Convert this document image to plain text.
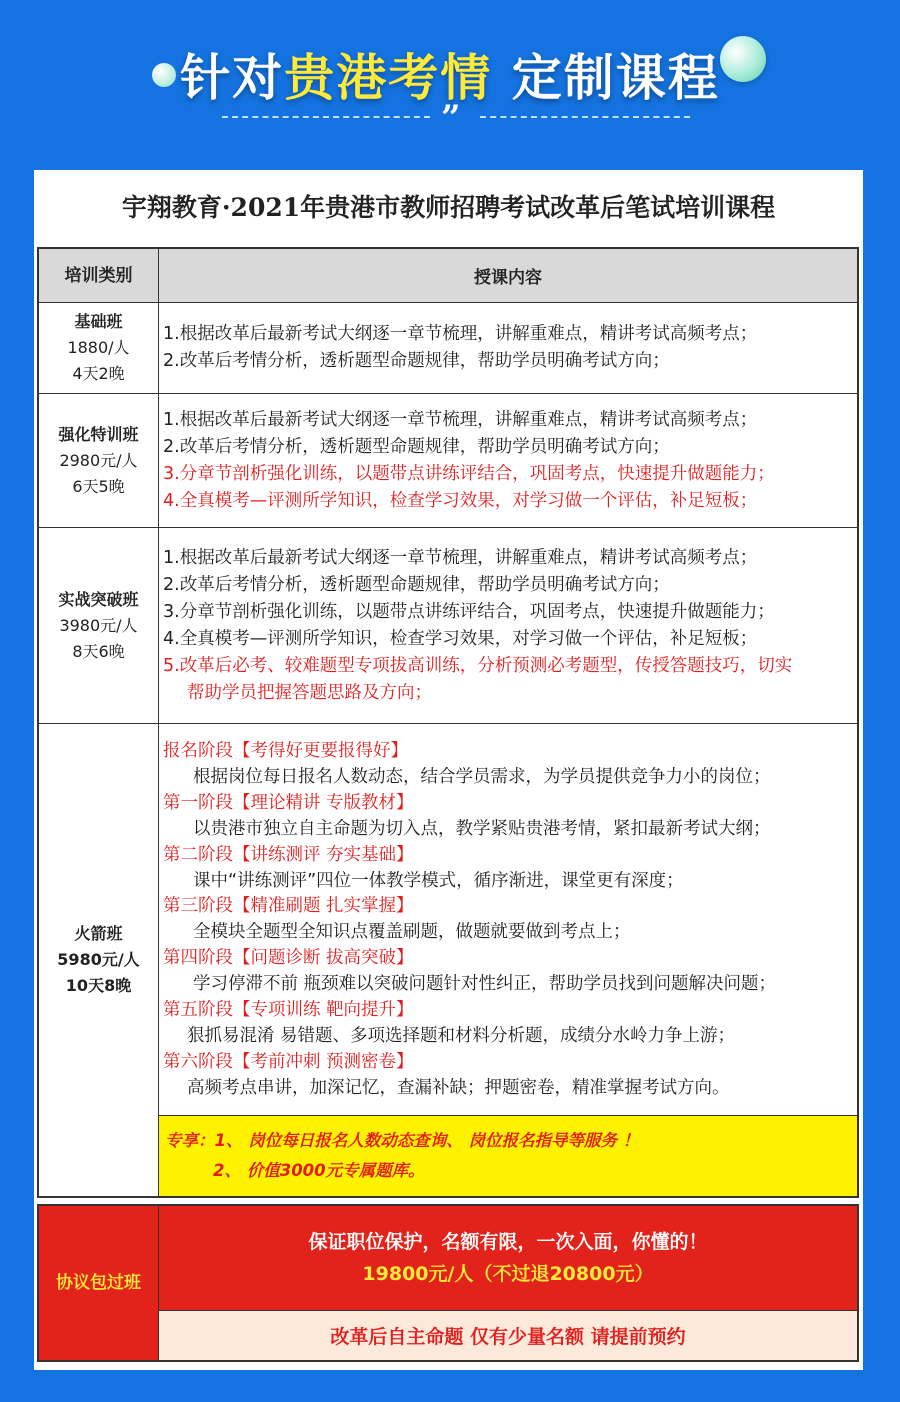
针对贵港考情 定制课程
”
宇翔教育·2021年贵港市教师招聘考试改革后笔试培训课程
培训类别	授课内容
基础班
1880/人
4天2晚
1.根据改革后最新考试大纲逐一章节梳理，讲解重难点，精讲考试高频考点；
2.改革后考情分析，透析题型命题规律，帮助学员明确考试方向；
强化特训班
2980元/人
6天5晚
1.根据改革后最新考试大纲逐一章节梳理，讲解重难点，精讲考试高频考点；
2.改革后考情分析，透析题型命题规律，帮助学员明确考试方向；
3.分章节剖析强化训练，以题带点讲练评结合，巩固考点，快速提升做题能力；
4.全真模考—评测所学知识，检查学习效果，对学习做一个评估，补足短板；
实战突破班
3980元/人
8天6晚
1.根据改革后最新考试大纲逐一章节梳理，讲解重难点，精讲考试高频考点；
2.改革后考情分析，透析题型命题规律，帮助学员明确考试方向；
3.分章节剖析强化训练，以题带点讲练评结合，巩固考点，快速提升做题能力；
4.全真模考—评测所学知识，检查学习效果，对学习做一个评估，补足短板；
5.改革后必考、较难题型专项拔高训练，分析预测必考题型，传授答题技巧，切实
帮助学员把握答题思路及方向；
火箭班
5980元/人
10天8晚
报名阶段【考得好更要报得好】
根据岗位每日报名人数动态，结合学员需求，为学员提供竞争力小的岗位；
第一阶段【理论精讲 专版教材】
以贵港市独立自主命题为切入点，教学紧贴贵港考情，紧扣最新考试大纲；
第二阶段【讲练测评 夯实基础】
课中“讲练测评”四位一体教学模式，循序渐进，课堂更有深度；
第三阶段【精准刷题 扎实掌握】
全模块全题型全知识点覆盖刷题，做题就要做到考点上；
第四阶段【问题诊断 拔高突破】
学习停滞不前 瓶颈难以突破问题针对性纠正，帮助学员找到问题解决问题；
第五阶段【专项训练 靶向提升】
狠抓易混淆 易错题、多项选择题和材料分析题，成绩分水岭力争上游；
第六阶段【考前冲刺 预测密卷】
高频考点串讲，加深记忆，查漏补缺；押题密卷，精准掌握考试方向。
专享：1、 岗位每日报名人数动态查询、 岗位报名指导等服务 ！
2、 价值3000元专属题库。
协议包过班
保证职位保护，名额有限，一次入面，你懂的！
19800元/人（不过退20800元）
改革后自主命题 仅有少量名额 请提前预约
